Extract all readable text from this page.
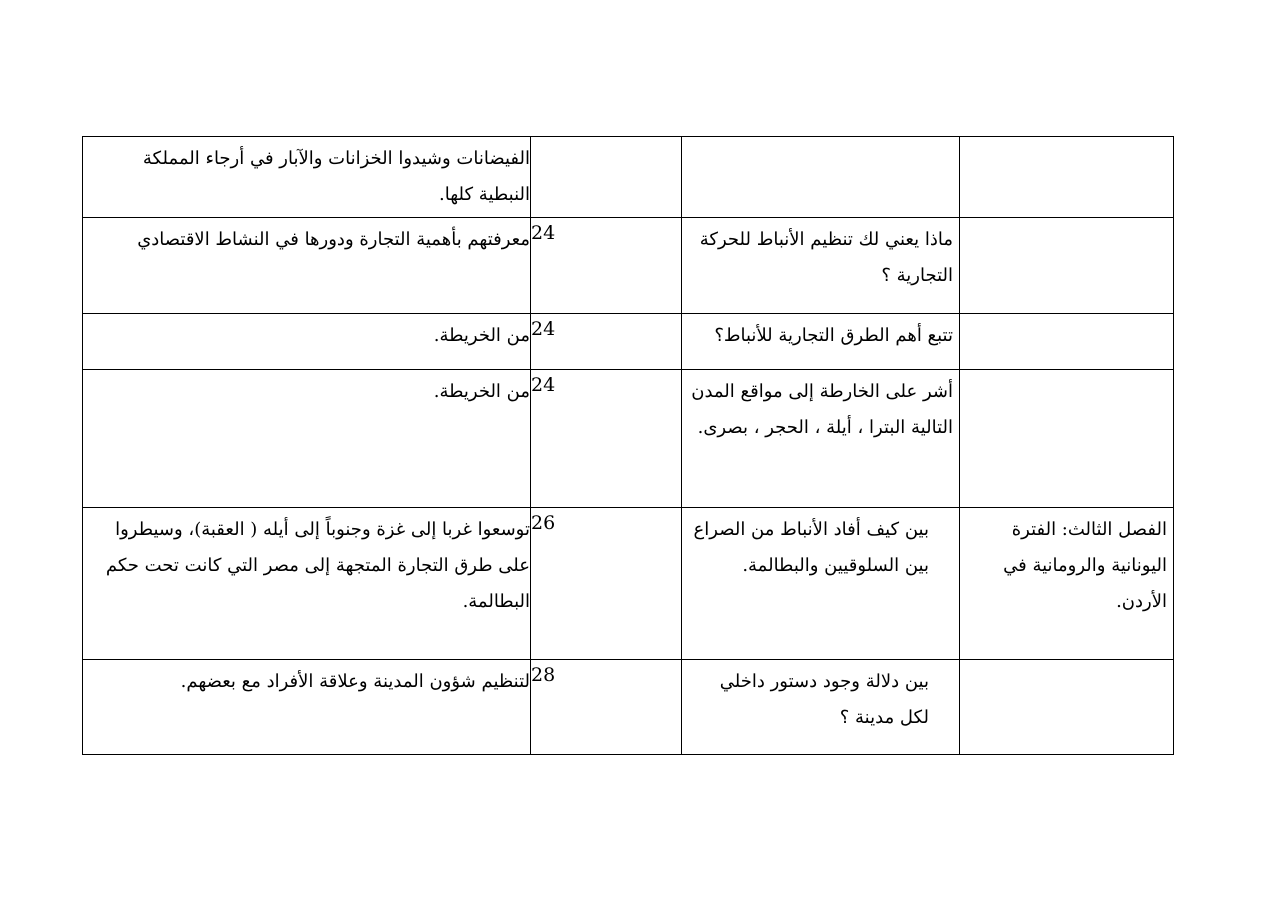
			الفيضانات وشيدوا الخزانات والآبار في أرجاء المملكة النبطية كلها.
	ماذا يعني لك تنظيم الأنباط للحركة التجارية ؟	24	معرفتهم بأهمية التجارة ودورها في النشاط الاقتصادي
	تتبع أهم الطرق التجارية للأنباط؟	24	من الخريطة.
	أشر على الخارطة إلى مواقع المدن التالية البترا ، أيلة ، الحجر ، بصرى.	24	من الخريطة.
الفصل الثالث: الفترة اليونانية والرومانية في الأردن.	بين كيف أفاد الأنباط من الصراع بين السلوقيين والبطالمة.	26	توسعوا غربا إلى غزة وجنوباً إلى أيله ( العقبة)، وسيطروا على طرق التجارة المتجهة إلى مصر التي كانت تحت حكم البطالمة.
	بين دلالة وجود دستور داخلي لكل مدينة ؟	28	لتنظيم شؤون المدينة وعلاقة الأفراد مع بعضهم.
